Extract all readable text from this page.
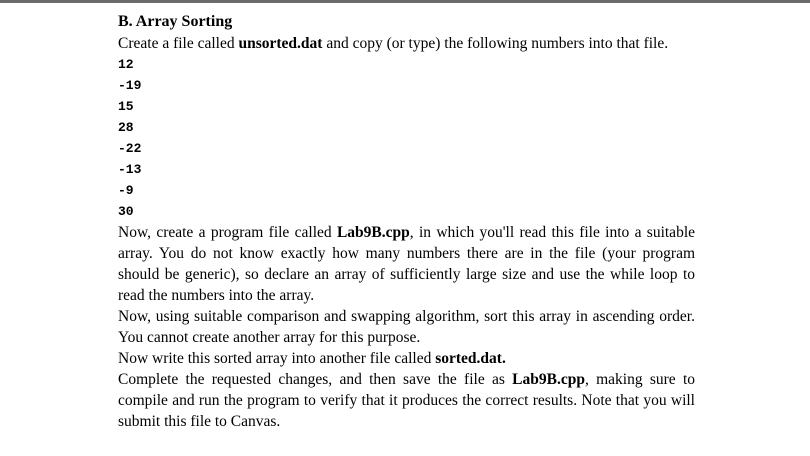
B. Array Sorting
Create a file called unsorted.dat and copy (or type) the following numbers into that file.
12
-19
15
28
-22
-13
-9
30
Now, create a program file called Lab9B.cpp, in which you'll read this file into a suitable array. You do not know exactly how many numbers there are in the file (your program should be generic), so declare an array of sufficiently large size and use the while loop to read the numbers into the array.
Now, using suitable comparison and swapping algorithm, sort this array in ascending order. You cannot create another array for this purpose.
Now write this sorted array into another file called sorted.dat.
Complete the requested changes, and then save the file as Lab9B.cpp, making sure to compile and run the program to verify that it produces the correct results. Note that you will submit this file to Canvas.
